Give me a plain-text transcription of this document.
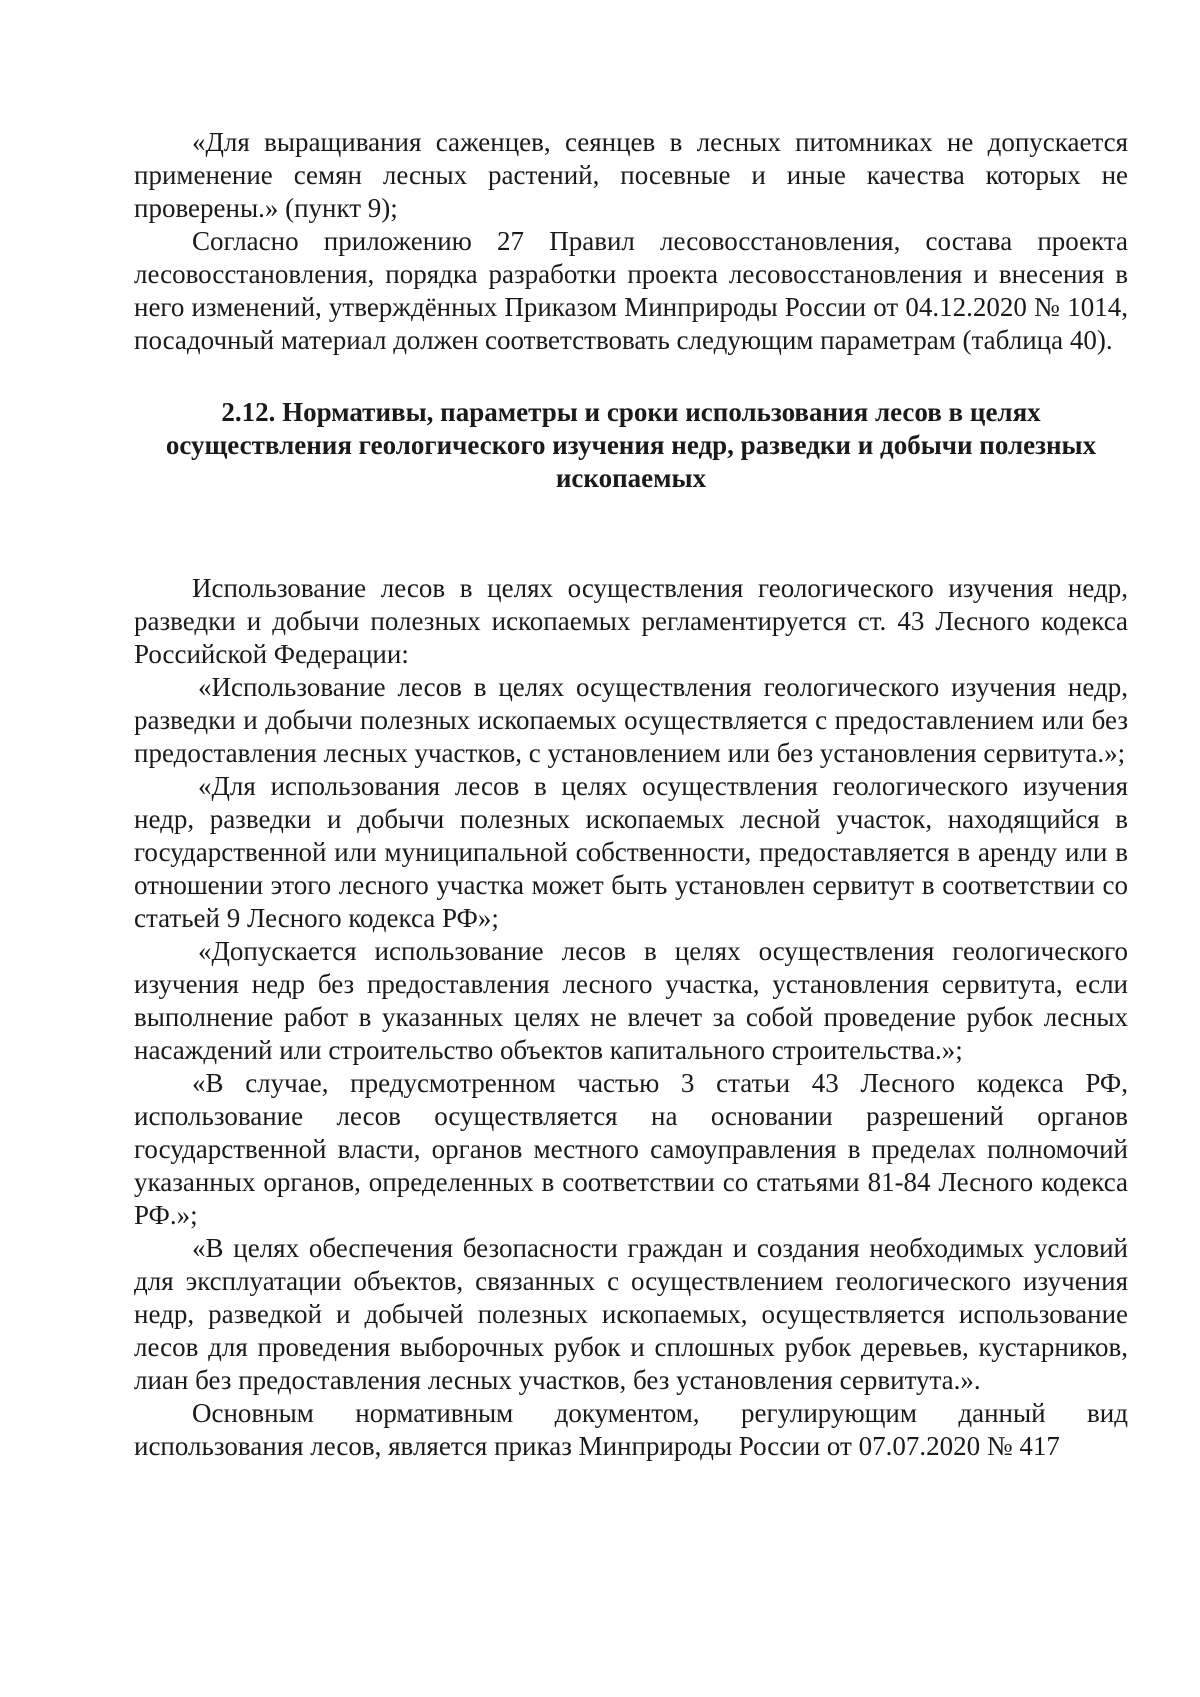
«Для выращивания саженцев, сеянцев в лесных питомниках не допускается применение семян лесных растений, посевные и иные качества которых не проверены.» (пункт 9);

Согласно приложению 27 Правил лесовосстановления, состава проекта лесовосстановления, порядка разработки проекта лесовосстановления и внесения в него изменений, утверждённых Приказом Минприроды России от 04.12.2020 № 1014, посадочный материал должен соответствовать следующим параметрам (таблица 40).

2.12. Нормативы, параметры и сроки использования лесов в целях осуществления геологического изучения недр, разведки и добычи полезных ископаемых

Использование лесов в целях осуществления геологического изучения недр, разведки и добычи полезных ископаемых регламентируется ст. 43 Лесного кодекса Российской Федерации:

«Использование лесов в целях осуществления геологического изучения недр, разведки и добычи полезных ископаемых осуществляется с предоставлением или без предоставления лесных участков, с установлением или без установления сервитута.»;

«Для использования лесов в целях осуществления геологического изучения недр, разведки и добычи полезных ископаемых лесной участок, находящийся в государственной или муниципальной собственности, предоставляется в аренду или в отношении этого лесного участка может быть установлен сервитут в соответствии со статьей 9 Лесного кодекса РФ»;

«Допускается использование лесов в целях осуществления геологического изучения недр без предоставления лесного участка, установления сервитута, если выполнение работ в указанных целях не влечет за собой проведение рубок лесных насаждений или строительство объектов капитального строительства.»;

«В случае, предусмотренном частью 3 статьи 43 Лесного кодекса РФ, использование лесов осуществляется на основании разрешений органов государственной власти, органов местного самоуправления в пределах полномочий указанных органов, определенных в соответствии со статьями 81-84 Лесного кодекса РФ.»;

«В целях обеспечения безопасности граждан и создания необходимых условий для эксплуатации объектов, связанных с осуществлением геологического изучения недр, разведкой и добычей полезных ископаемых, осуществляется использование лесов для проведения выборочных рубок и сплошных рубок деревьев, кустарников, лиан без предоставления лесных участков, без установления сервитута.».

Основным нормативным документом, регулирующим данный вид использования лесов, является приказ Минприроды России от 07.07.2020 № 417
